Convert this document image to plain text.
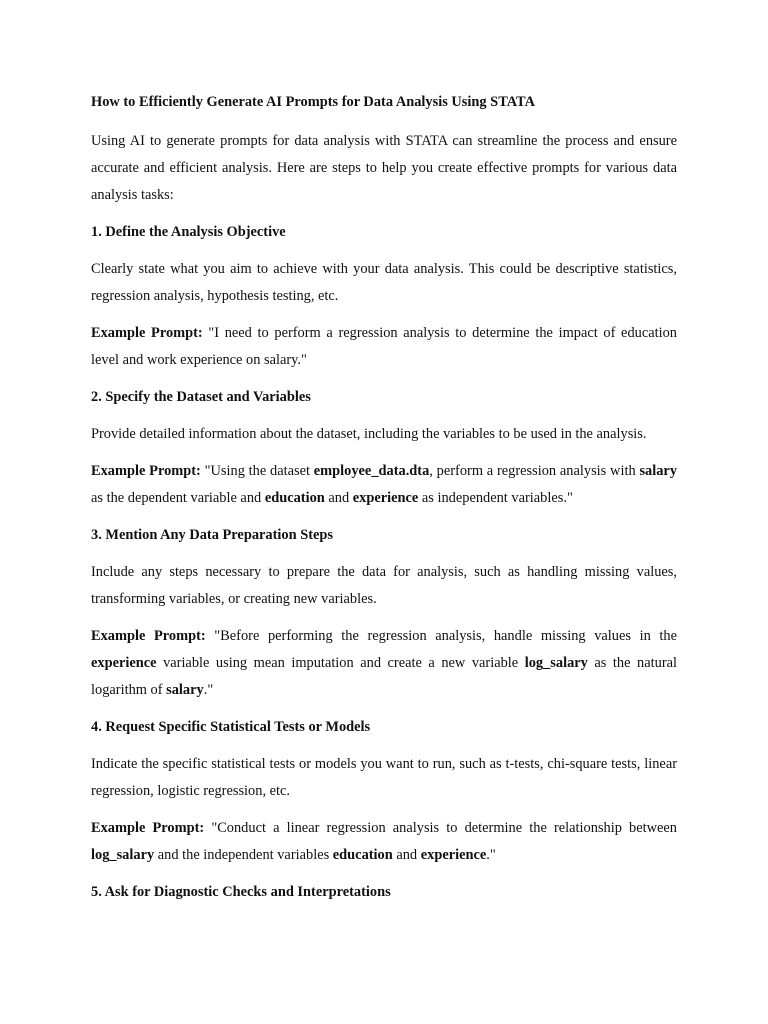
How to Efficiently Generate AI Prompts for Data Analysis Using STATA

Using AI to generate prompts for data analysis with STATA can streamline the process and ensure accurate and efficient analysis. Here are steps to help you create effective prompts for various data analysis tasks:

1. Define the Analysis Objective

Clearly state what you aim to achieve with your data analysis. This could be descriptive statistics, regression analysis, hypothesis testing, etc.

Example Prompt: "I need to perform a regression analysis to determine the impact of education level and work experience on salary."

2. Specify the Dataset and Variables

Provide detailed information about the dataset, including the variables to be used in the analysis.

Example Prompt: "Using the dataset employee_data.dta, perform a regression analysis with salary as the dependent variable and education and experience as independent variables."

3. Mention Any Data Preparation Steps

Include any steps necessary to prepare the data for analysis, such as handling missing values, transforming variables, or creating new variables.

Example Prompt: "Before performing the regression analysis, handle missing values in the experience variable using mean imputation and create a new variable log_salary as the natural logarithm of salary."

4. Request Specific Statistical Tests or Models

Indicate the specific statistical tests or models you want to run, such as t-tests, chi-square tests, linear regression, logistic regression, etc.

Example Prompt: "Conduct a linear regression analysis to determine the relationship between log_salary and the independent variables education and experience."

5. Ask for Diagnostic Checks and Interpretations
